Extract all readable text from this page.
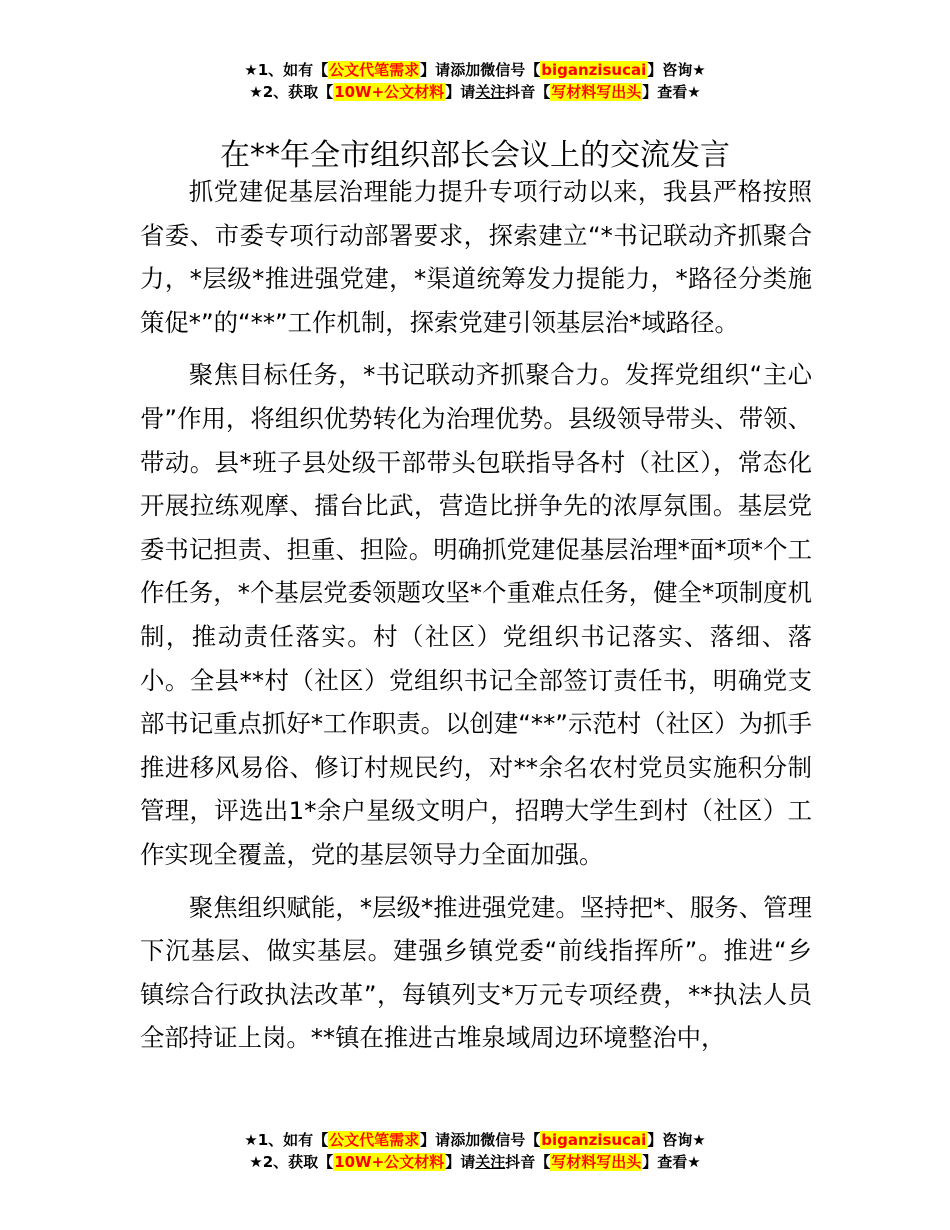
★1、如有【公文代笔需求】请添加微信号【biganzisucai】咨询★
★2、获取【10W+公文材料】请关注抖音【写材料写出头】查看★
在**年全市组织部长会议上的交流发言

抓党建促基层治理能力提升专项行动以来，我县严格按照省委、市委专项行动部署要求，探索建立“*书记联动齐抓聚合力，*层级*推进强党建，*渠道统筹发力提能力，*路径分类施策促*”的“**”工作机制，探索党建引领基层治*域路径。

聚焦目标任务，*书记联动齐抓聚合力。发挥党组织“主心骨”作用，将组织优势转化为治理优势。县级领导带头、带领、带动。县*班子县处级干部带头包联指导各村（社区），常态化开展拉练观摩、擂台比武，营造比拼争先的浓厚氛围。基层党委书记担责、担重、担险。明确抓党建促基层治理*面*项*个工作任务，*个基层党委领题攻坚*个重难点任务，健全*项制度机制，推动责任落实。村（社区）党组织书记落实、落细、落小。全县**村（社区）党组织书记全部签订责任书，明确党支部书记重点抓好*工作职责。以创建“**”示范村（社区）为抓手推进移风易俗、修订村规民约，对**余名农村党员实施积分制管理，评选出1*余户星级文明户，招聘大学生到村（社区）工作实现全覆盖，党的基层领导力全面加强。

聚焦组织赋能，*层级*推进强党建。坚持把*、服务、管理下沉基层、做实基层。建强乡镇党委“前线指挥所”。推进“乡镇综合行政执法改革”，每镇列支*万元专项经费，**执法人员全部持证上岗。**镇在推进古堆泉域周边环境整治中，

★1、如有【公文代笔需求】请添加微信号【biganzisucai】咨询★
★2、获取【10W+公文材料】请关注抖音【写材料写出头】查看★
